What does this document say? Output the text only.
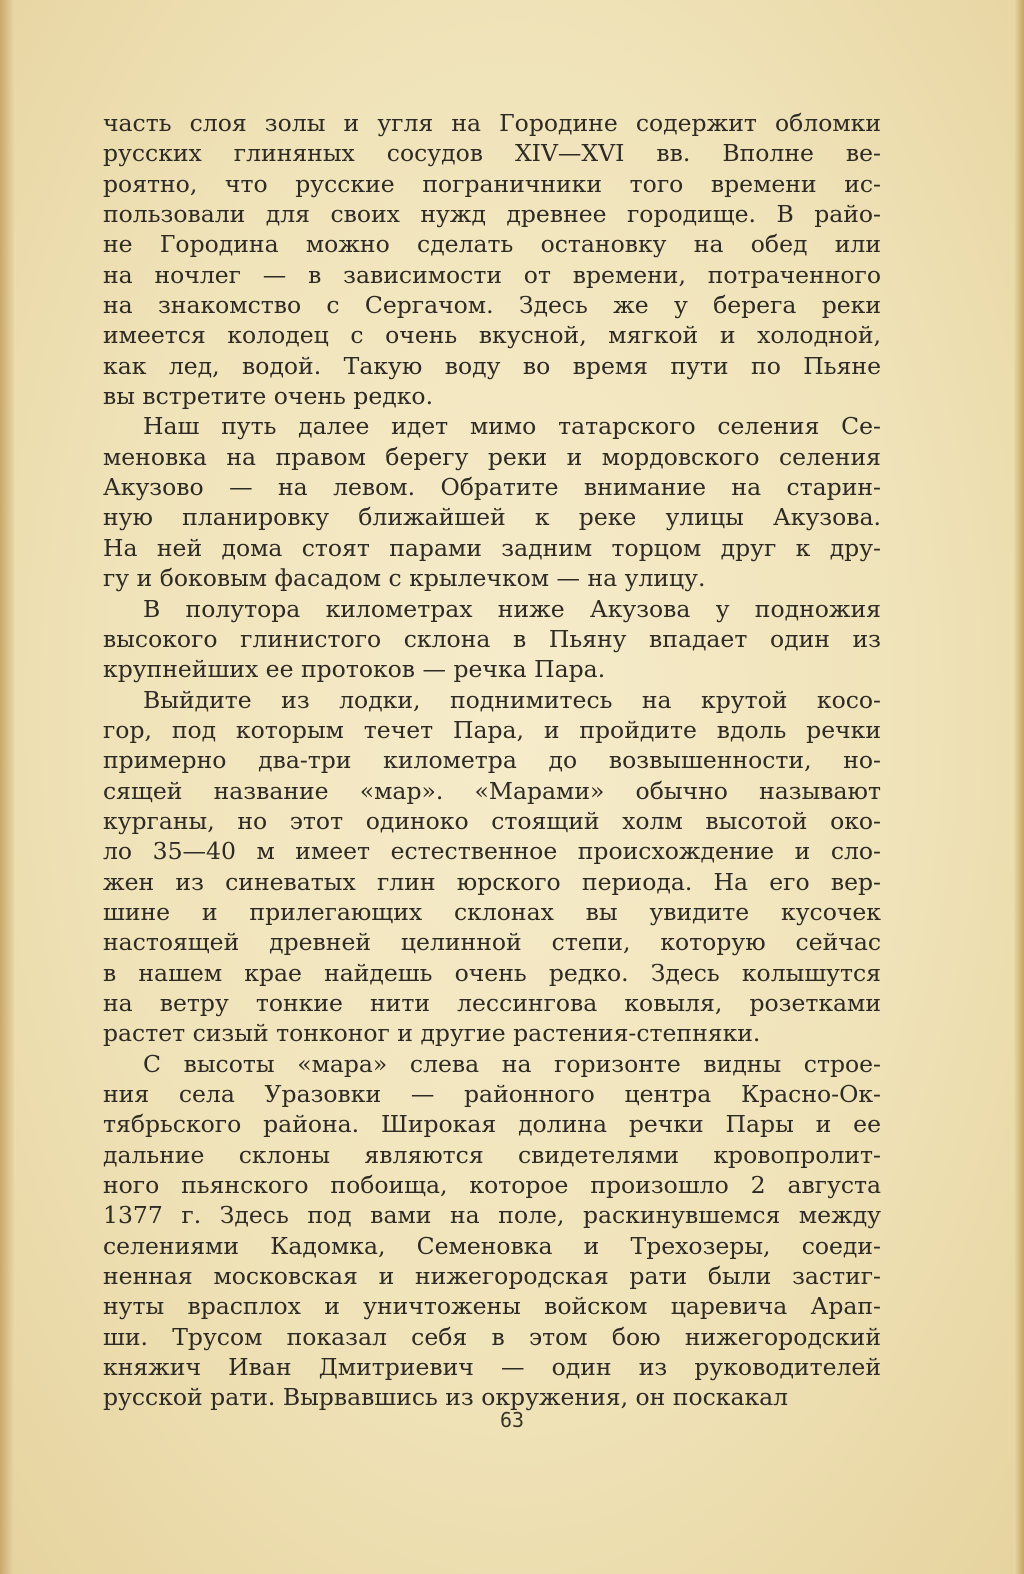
часть слоя золы и угля на Городине содержит обломки
русских глиняных сосудов XIV—XVI вв. Вполне ве-
роятно, что русские пограничники того времени ис-
пользовали для своих нужд древнее городище. В райо-
не Городина можно сделать остановку на обед или
на ночлег — в зависимости от времени, потраченного
на знакомство с Сергачом. Здесь же у берега реки
имеется колодец с очень вкусной, мягкой и холодной,
как лед, водой. Такую воду во время пути по Пьяне
вы встретите очень редко.
Наш путь далее идет мимо татарского селения Се-
меновка на правом берегу реки и мордовского селения
Акузово — на левом. Обратите внимание на старин-
ную планировку ближайшей к реке улицы Акузова.
На ней дома стоят парами задним торцом друг к дру-
гу и боковым фасадом с крылечком — на улицу.
В полутора километрах ниже Акузова у подножия
высокого глинистого склона в Пьяну впадает один из
крупнейших ее протоков — речка Пара.
Выйдите из лодки, поднимитесь на крутой косо-
гор, под которым течет Пара, и пройдите вдоль речки
примерно два-три километра до возвышенности, но-
сящей название «мар». «Марами» обычно называют
курганы, но этот одиноко стоящий холм высотой око-
ло 35—40 м имеет естественное происхождение и сло-
жен из синеватых глин юрского периода. На его вер-
шине и прилегающих склонах вы увидите кусочек
настоящей древней целинной степи, которую сейчас
в нашем крае найдешь очень редко. Здесь колышутся
на ветру тонкие нити лессингова ковыля, розетками
растет сизый тонконог и другие растения-степняки.
С высоты «мара» слева на горизонте видны строе-
ния села Уразовки — районного центра Красно-Ок-
тябрьского района. Широкая долина речки Пары и ее
дальние склоны являются свидетелями кровопролит-
ного пьянского побоища, которое произошло 2 августа
1377 г. Здесь под вами на поле, раскинувшемся между
селениями Кадомка, Семеновка и Трехозеры, соеди-
ненная московская и нижегородская рати были застиг-
нуты врасплох и уничтожены войском царевича Арап-
ши. Трусом показал себя в этом бою нижегородский
княжич Иван Дмитриевич — один из руководителей
русской рати. Вырвавшись из окружения, он поскакал
63
